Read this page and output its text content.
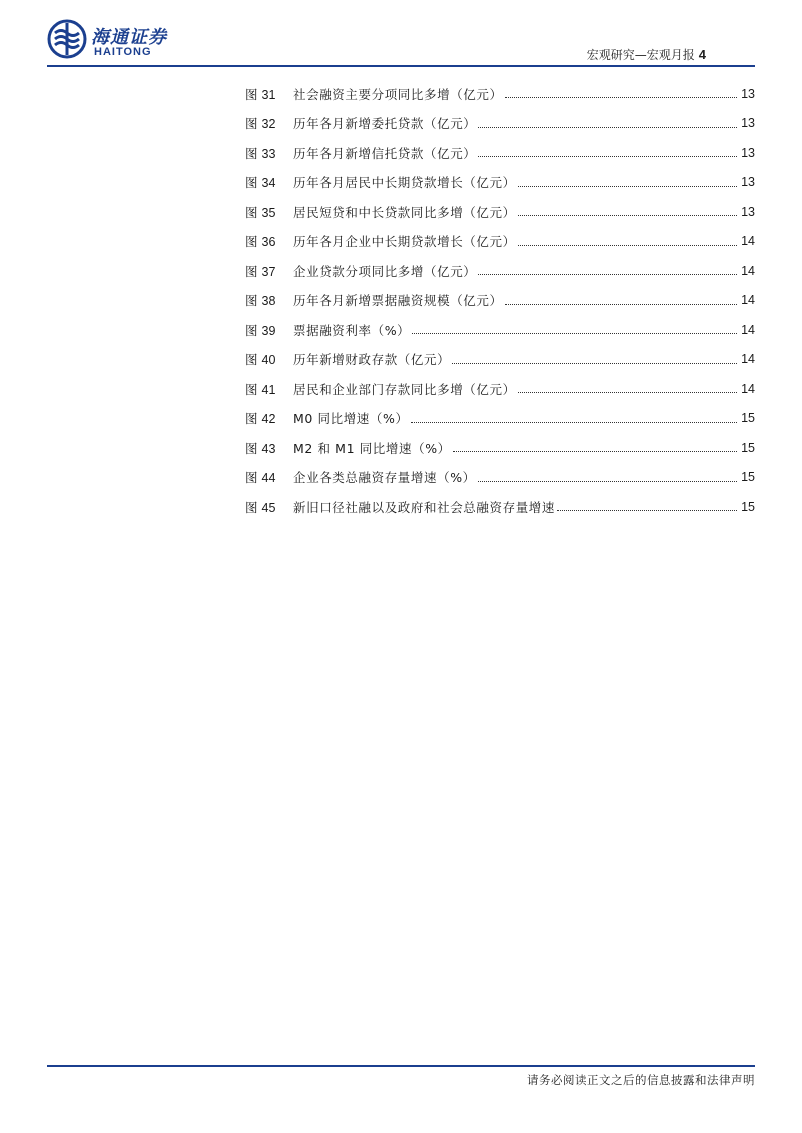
海通证券
HAITONG	宏观研究—宏观月报 4
图 31	社会融资主要分项同比多增（亿元）	13
图 32	历年各月新增委托贷款（亿元）	13
图 33	历年各月新增信托贷款（亿元）	13
图 34	历年各月居民中长期贷款增长（亿元）	13
图 35	居民短贷和中长贷款同比多增（亿元）	13
图 36	历年各月企业中长期贷款增长（亿元）	14
图 37	企业贷款分项同比多增（亿元）	14
图 38	历年各月新增票据融资规模（亿元）	14
图 39	票据融资利率（%）	14
图 40	历年新增财政存款（亿元）	14
图 41	居民和企业部门存款同比多增（亿元）	14
图 42	M0 同比增速（%）	15
图 43	M2 和 M1 同比增速（%）	15
图 44	企业各类总融资存量增速（%）	15
图 45	新旧口径社融以及政府和社会总融资存量增速	15
请务必阅读正文之后的信息披露和法律声明
